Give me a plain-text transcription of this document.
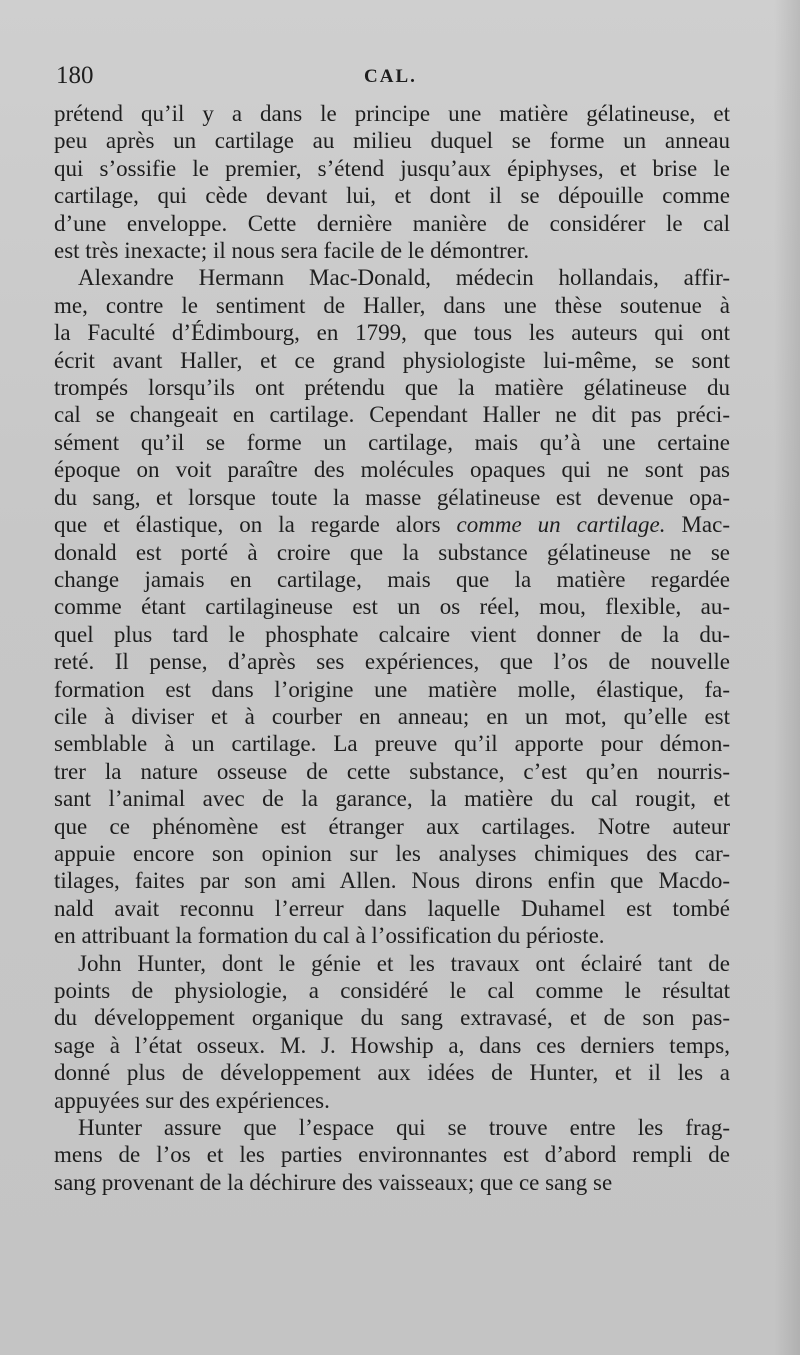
180	CAL.
prétend qu’il y a dans le principe une matière gélatineuse, et
peu après un cartilage au milieu duquel se forme un anneau
qui s’ossifie le premier, s’étend jusqu’aux épiphyses, et brise le
cartilage, qui cède devant lui, et dont il se dépouille comme
d’une enveloppe. Cette dernière manière de considérer le cal
est très inexacte; il nous sera facile de le démontrer.
Alexandre Hermann Mac-Donald, médecin hollandais, affir-
me, contre le sentiment de Haller, dans une thèse soutenue à
la Faculté d’Édimbourg, en 1799, que tous les auteurs qui ont
écrit avant Haller, et ce grand physiologiste lui-même, se sont
trompés lorsqu’ils ont prétendu que la matière gélatineuse du
cal se changeait en cartilage. Cependant Haller ne dit pas préci-
sément qu’il se forme un cartilage, mais qu’à une certaine
époque on voit paraître des molécules opaques qui ne sont pas
du sang, et lorsque toute la masse gélatineuse est devenue opa-
que et élastique, on la regarde alors comme un cartilage. Mac-
donald est porté à croire que la substance gélatineuse ne se
change jamais en cartilage, mais que la matière regardée
comme étant cartilagineuse est un os réel, mou, flexible, au-
quel plus tard le phosphate calcaire vient donner de la du-
reté. Il pense, d’après ses expériences, que l’os de nouvelle
formation est dans l’origine une matière molle, élastique, fa-
cile à diviser et à courber en anneau; en un mot, qu’elle est
semblable à un cartilage. La preuve qu’il apporte pour démon-
trer la nature osseuse de cette substance, c’est qu’en nourris-
sant l’animal avec de la garance, la matière du cal rougit, et
que ce phénomène est étranger aux cartilages. Notre auteur
appuie encore son opinion sur les analyses chimiques des car-
tilages, faites par son ami Allen. Nous dirons enfin que Macdo-
nald avait reconnu l’erreur dans laquelle Duhamel est tombé
en attribuant la formation du cal à l’ossification du périoste.
John Hunter, dont le génie et les travaux ont éclairé tant de
points de physiologie, a considéré le cal comme le résultat
du développement organique du sang extravasé, et de son pas-
sage à l’état osseux. M. J. Howship a, dans ces derniers temps,
donné plus de développement aux idées de Hunter, et il les a
appuyées sur des expériences.
Hunter assure que l’espace qui se trouve entre les frag-
mens de l’os et les parties environnantes est d’abord rempli de
sang provenant de la déchirure des vaisseaux; que ce sang se
